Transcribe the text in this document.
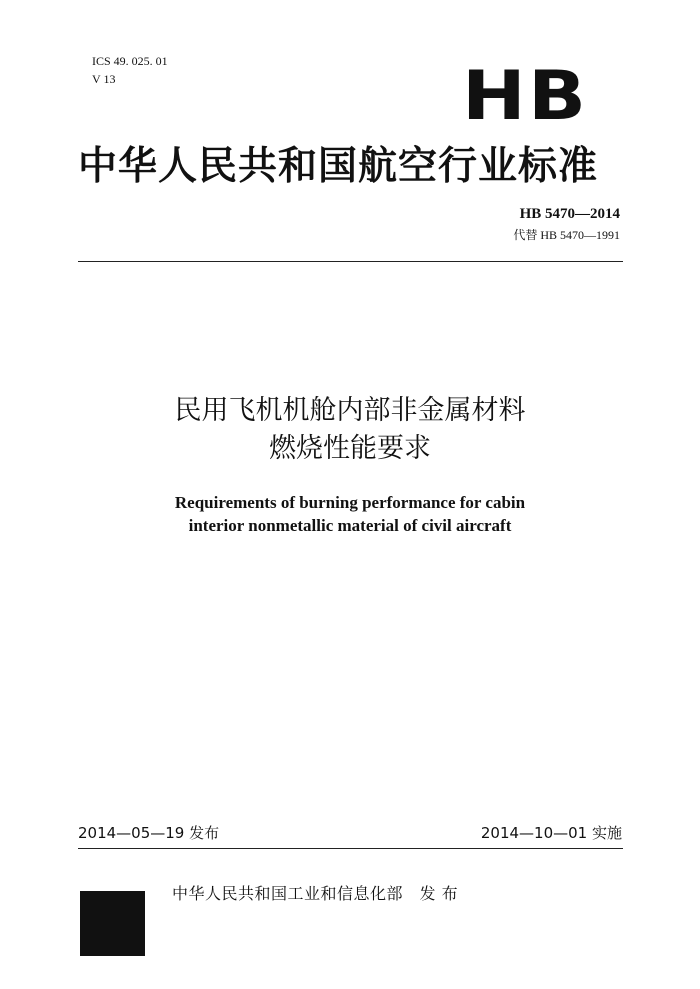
ICS 49. 025. 01
V 13	HB
中华人民共和国航空行业标准
HB 5470—2014
代替 HB 5470—1991
民用飞机机舱内部非金属材料
燃烧性能要求
Requirements of burning performance for cabin
interior nonmetallic material of civil aircraft
2014—05—19 发布	2014—10—01 实施
中华人民共和国工业和信息化部　发 布
